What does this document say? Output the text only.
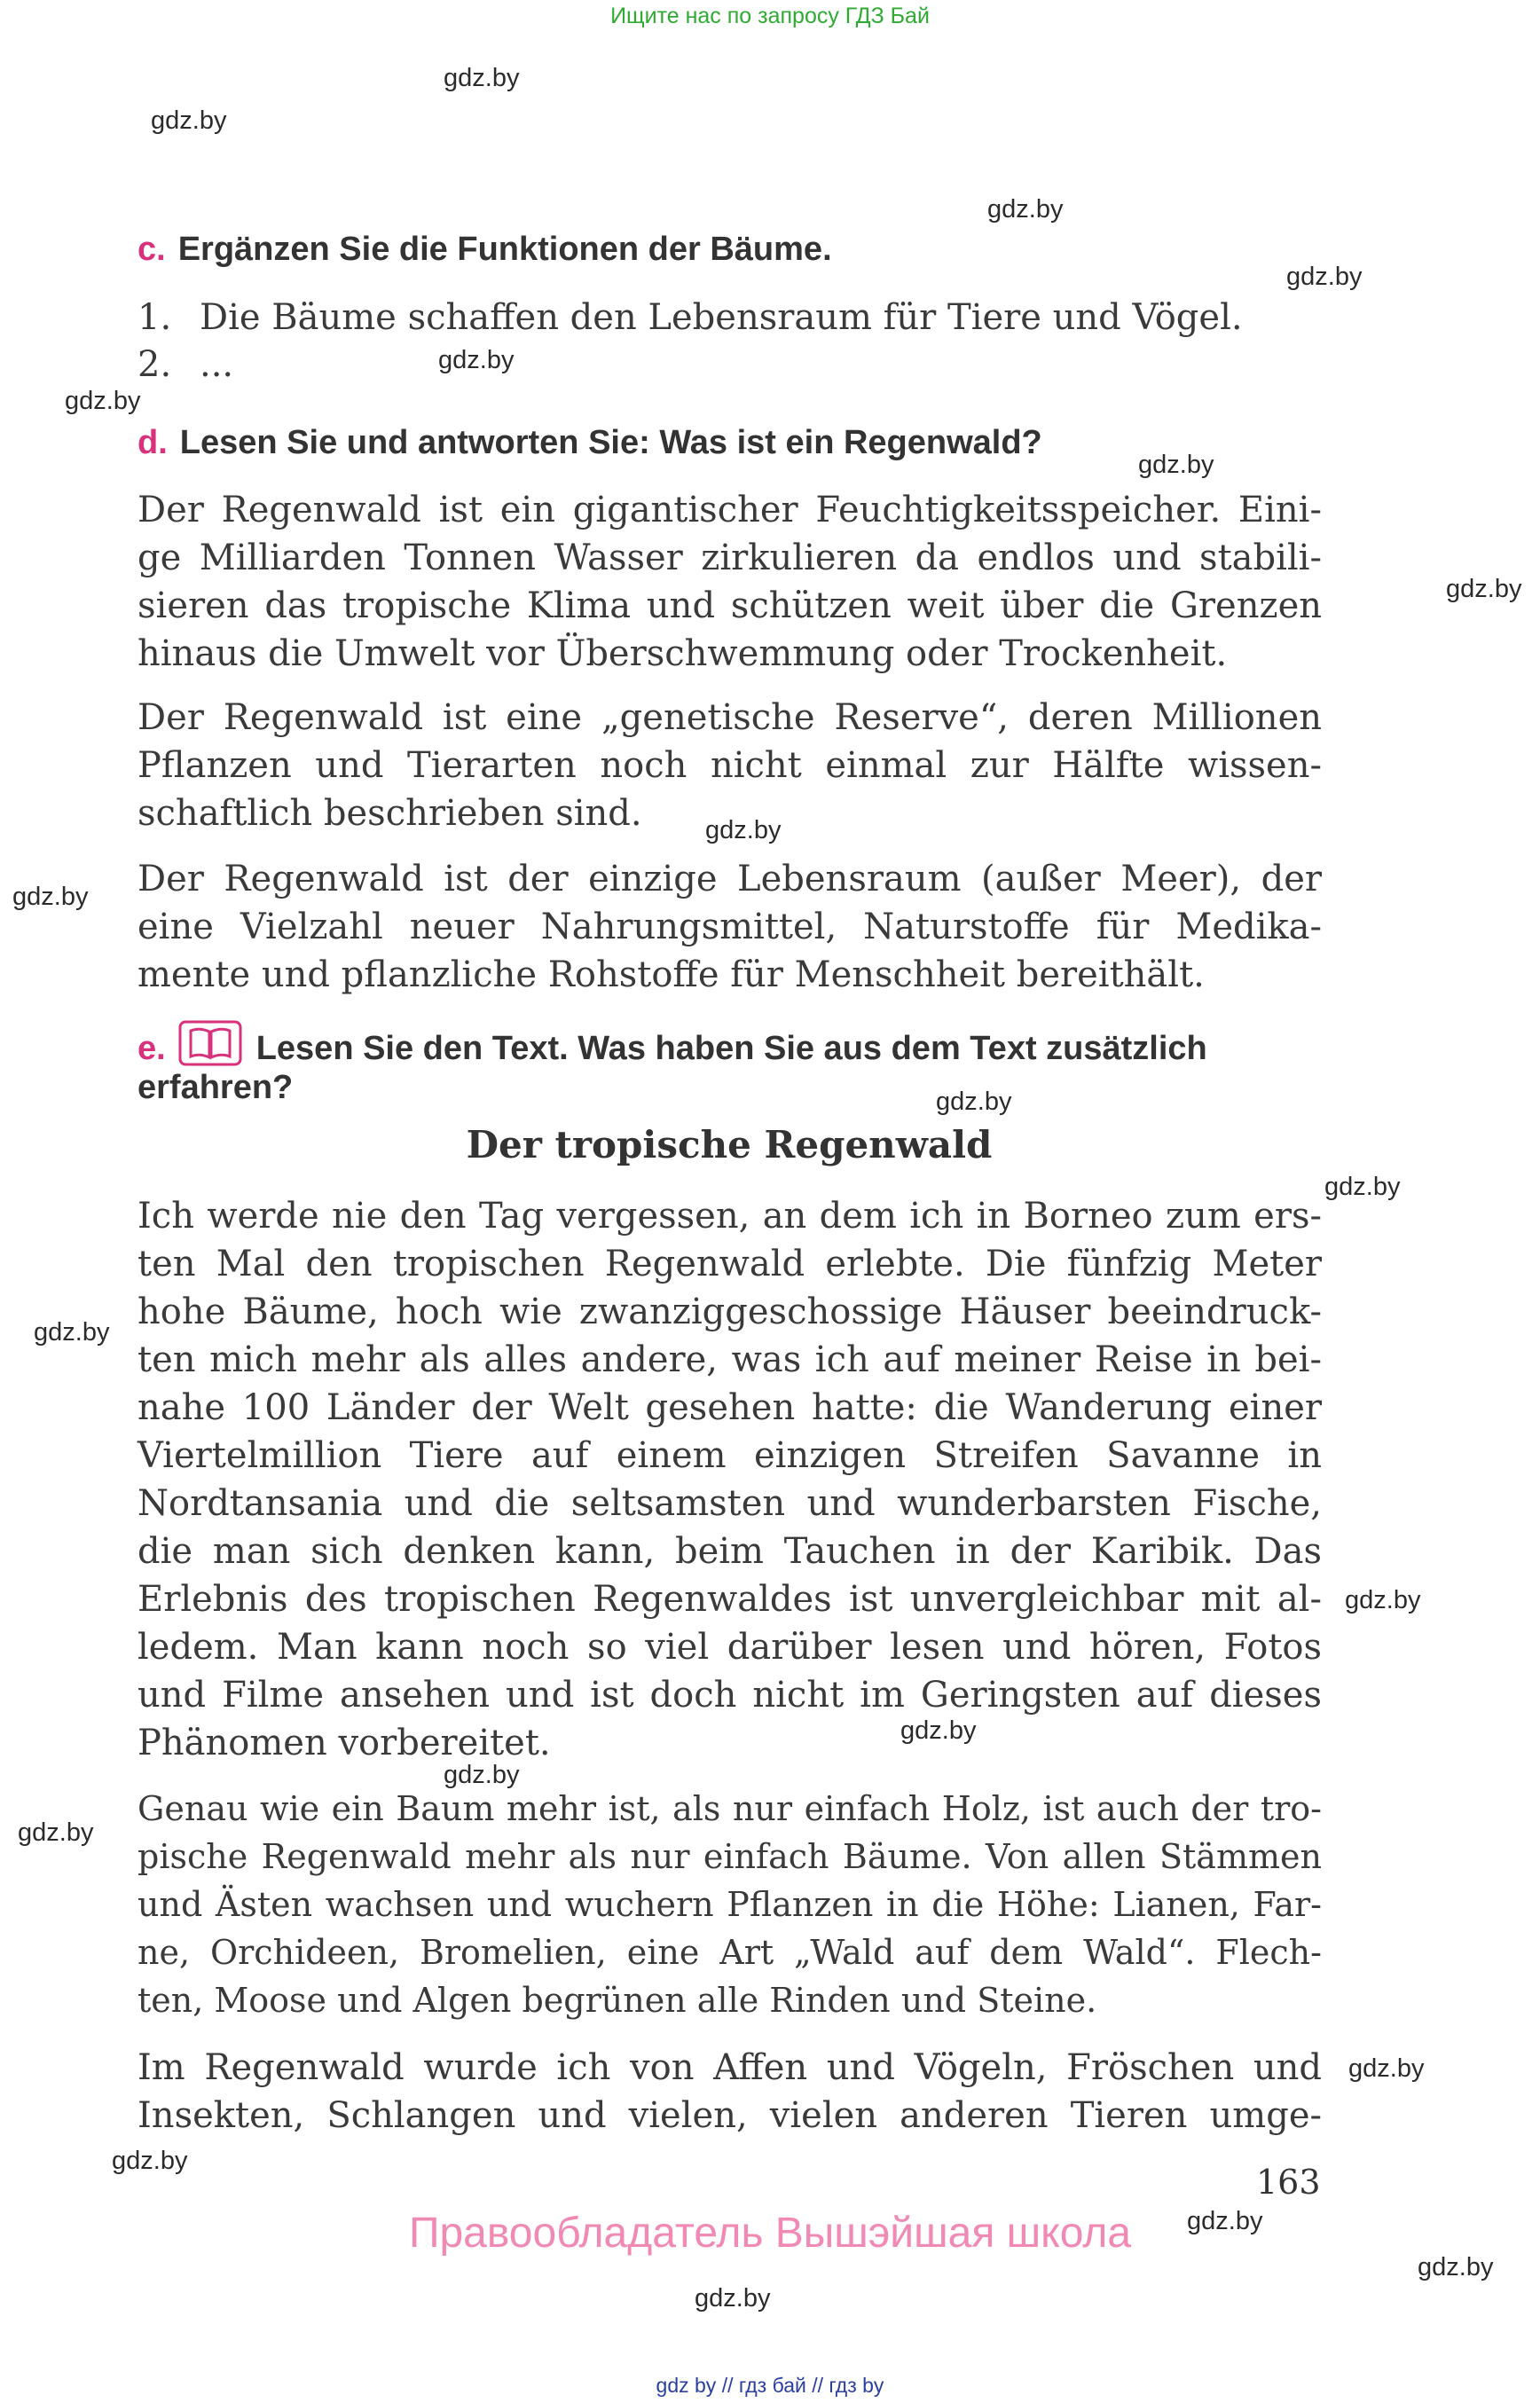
Ищите нас по запросу ГДЗ Бай
gdz.by
gdz.by
gdz.by
gdz.by
gdz.by
gdz.by
gdz.by
gdz.by
gdz.by
gdz.by
gdz.by
gdz.by
gdz.by
gdz.by
gdz.by
gdz.by
gdz.by
gdz.by
gdz.by
gdz.by
gdz.by
gdz.by
c. Ergänzen Sie die Funktionen der Bäume.
1. Die Bäume schaffen den Lebensraum für Tiere und Vögel.
2. ...
d. Lesen Sie und antworten Sie: Was ist ein Regenwald?
Der Regenwald ist ein gigantischer Feuchtigkeitsspeicher. Eini-
ge Milliarden Tonnen Wasser zirkulieren da endlos und stabili-
sieren das tropische Klima und schützen weit über die Grenzen
hinaus die Umwelt vor Überschwemmung oder Trockenheit.
Der Regenwald ist eine „genetische Reserve“, deren Millionen
Pflanzen und Tierarten noch nicht einmal zur Hälfte wissen-
schaftlich beschrieben sind.
Der Regenwald ist der einzige Lebensraum (außer Meer), der
eine Vielzahl neuer Nahrungsmittel, Naturstoffe für Medika-
mente und pflanzliche Rohstoffe für Menschheit bereithält.
e.	Lesen Sie den Text. Was haben Sie aus dem Text zusätzlich
erfahren?
Der tropische Regenwald
Ich werde nie den Tag vergessen, an dem ich in Borneo zum ers-
ten Mal den tropischen Regenwald erlebte. Die fünfzig Meter
hohe Bäume, hoch wie zwanziggeschossige Häuser beeindruck-
ten mich mehr als alles andere, was ich auf meiner Reise in bei-
nahe 100 Länder der Welt gesehen hatte: die Wanderung einer
Viertelmillion Tiere auf einem einzigen Streifen Savanne in
Nordtansania und die seltsamsten und wunderbarsten Fische,
die man sich denken kann, beim Tauchen in der Karibik. Das
Erlebnis des tropischen Regenwaldes ist unvergleichbar mit al-
ledem. Man kann noch so viel darüber lesen und hören, Fotos
und Filme ansehen und ist doch nicht im Geringsten auf dieses
Phänomen vorbereitet.
Genau wie ein Baum mehr ist, als nur einfach Holz, ist auch der tro-
pische Regenwald mehr als nur einfach Bäume. Von allen Stämmen
und Ästen wachsen und wuchern Pflanzen in die Höhe: Lianen, Far-
ne, Orchideen, Bromelien, eine Art „Wald auf dem Wald“. Flech-
ten, Moose und Algen begrünen alle Rinden und Steine.
Im Regenwald wurde ich von Affen und Vögeln, Fröschen und
Insekten, Schlangen und vielen, vielen anderen Tieren umge-
163
Правообладатель Вышэйшая школа
gdz by // гдз бай // гдз by
